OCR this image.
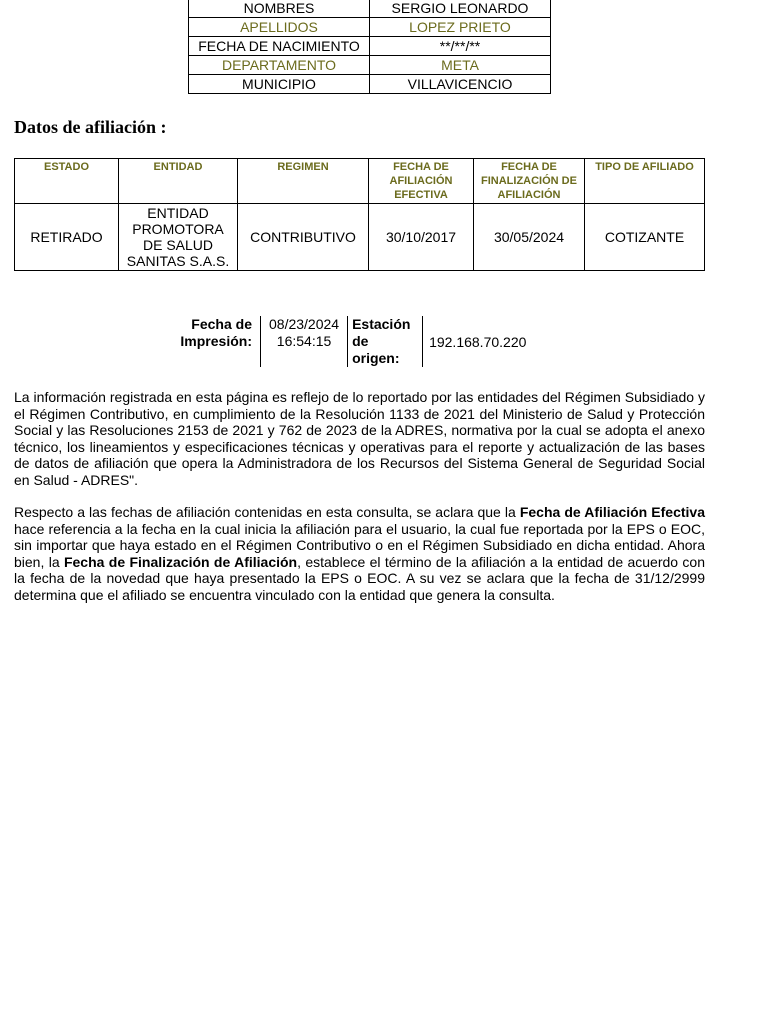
NOMBRES	SERGIO LEONARDO
APELLIDOS	LOPEZ PRIETO
FECHA DE NACIMIENTO	**/**/**
DEPARTAMENTO	META
MUNICIPIO	VILLAVICENCIO
Datos de afiliación :
ESTADO	ENTIDAD	REGIMEN	FECHA DE AFILIACIÓN EFECTIVA	FECHA DE FINALIZACIÓN DE AFILIACIÓN	TIPO DE AFILIADO
RETIRADO	ENTIDAD PROMOTORA DE SALUD SANITAS S.A.S.	CONTRIBUTIVO	30/10/2017	30/05/2024	COTIZANTE
Fecha de Impresión:
08/23/2024
16:54:15
Estación de origen:
192.168.70.220

La información registrada en esta página es reflejo de lo reportado por las entidades del Régimen Subsidiado y el Régimen Contributivo, en cumplimiento de la Resolución 1133 de 2021 del Ministerio de Salud y Protección Social y las Resoluciones 2153 de 2021 y 762 de 2023 de la ADRES, normativa por la cual se adopta el anexo técnico, los lineamientos y especificaciones técnicas y operativas para el reporte y actualización de las bases de datos de afiliación que opera la Administradora de los Recursos del Sistema General de Seguridad Social en Salud - ADRES".

Respecto a las fechas de afiliación contenidas en esta consulta, se aclara que la Fecha de Afiliación Efectiva hace referencia a la fecha en la cual inicia la afiliación para el usuario, la cual fue reportada por la EPS o EOC, sin importar que haya estado en el Régimen Contributivo o en el Régimen Subsidiado en dicha entidad. Ahora bien, la Fecha de Finalización de Afiliación, establece el término de la afiliación a la entidad de acuerdo con la fecha de la novedad que haya presentado la EPS o EOC. A su vez se aclara que la fecha de 31/12/2999 determina que el afiliado se encuentra vinculado con la entidad que genera la consulta.
